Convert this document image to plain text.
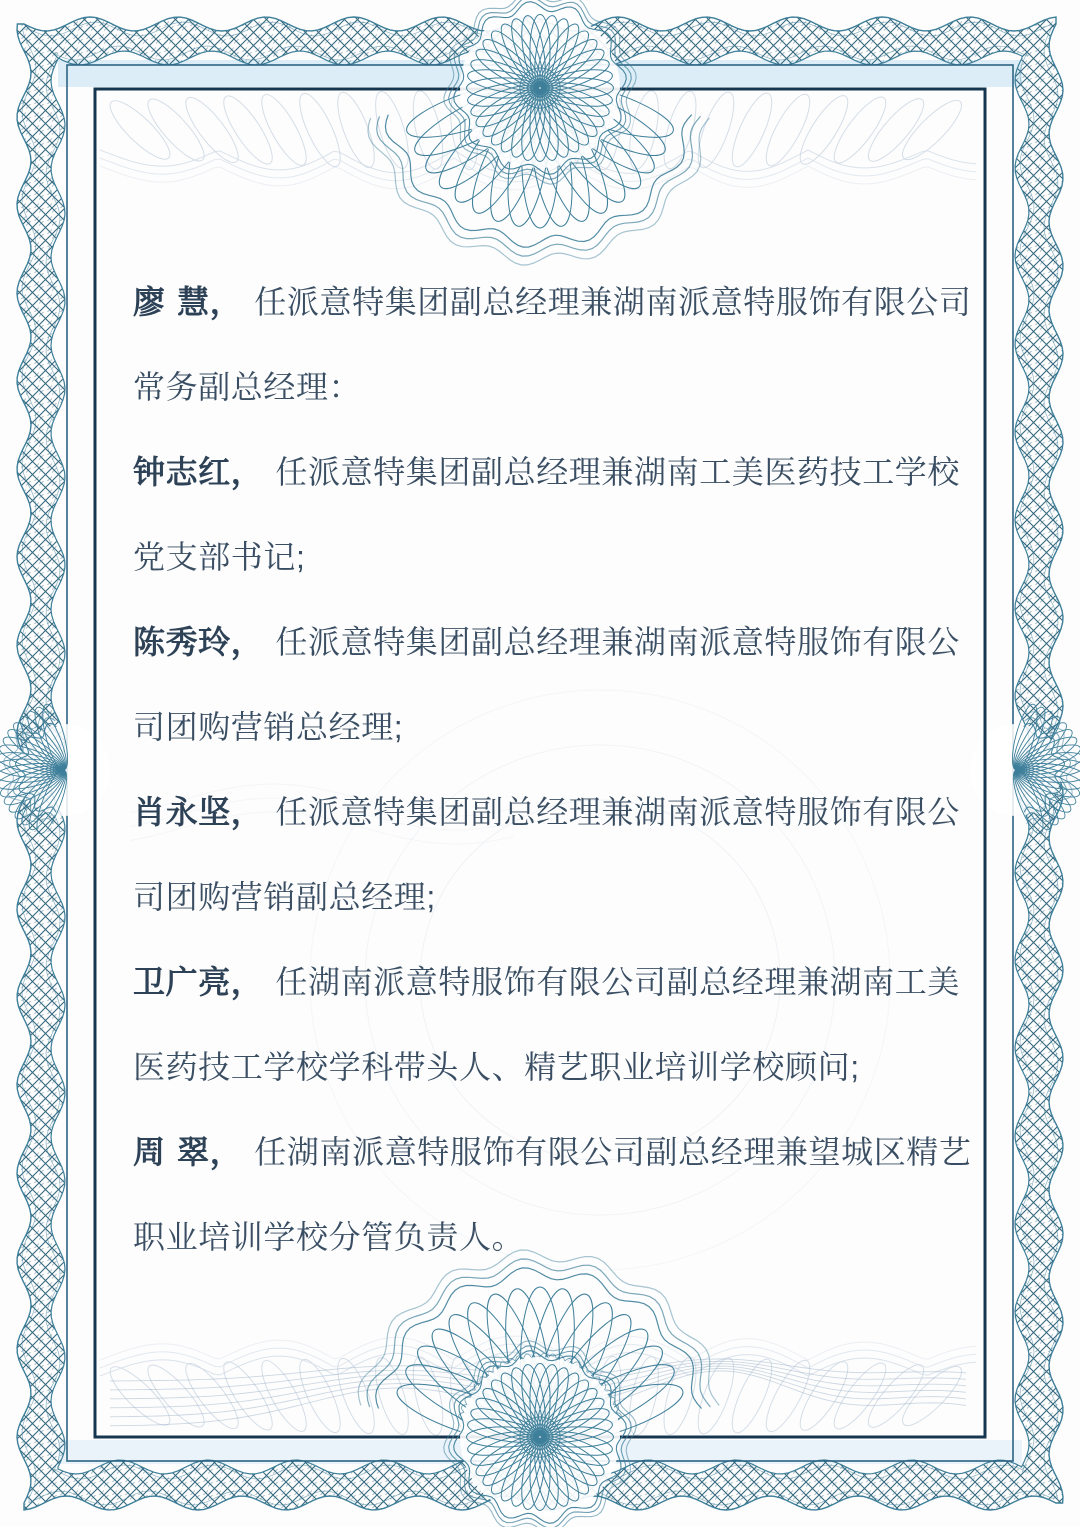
廖 慧， 任派意特集团副总经理兼湖南派意特服饰有限公司常务副总经理：

钟志红， 任派意特集团副总经理兼湖南工美医药技工学校党支部书记;

陈秀玲， 任派意特集团副总经理兼湖南派意特服饰有限公司团购营销总经理;

肖永坚， 任派意特集团副总经理兼湖南派意特服饰有限公司团购营销副总经理;

卫广亮， 任湖南派意特服饰有限公司副总经理兼湖南工美医药技工学校学科带头人、精艺职业培训学校顾问;

周 翠， 任湖南派意特服饰有限公司副总经理兼望城区精艺职业培训学校分管负责人。
